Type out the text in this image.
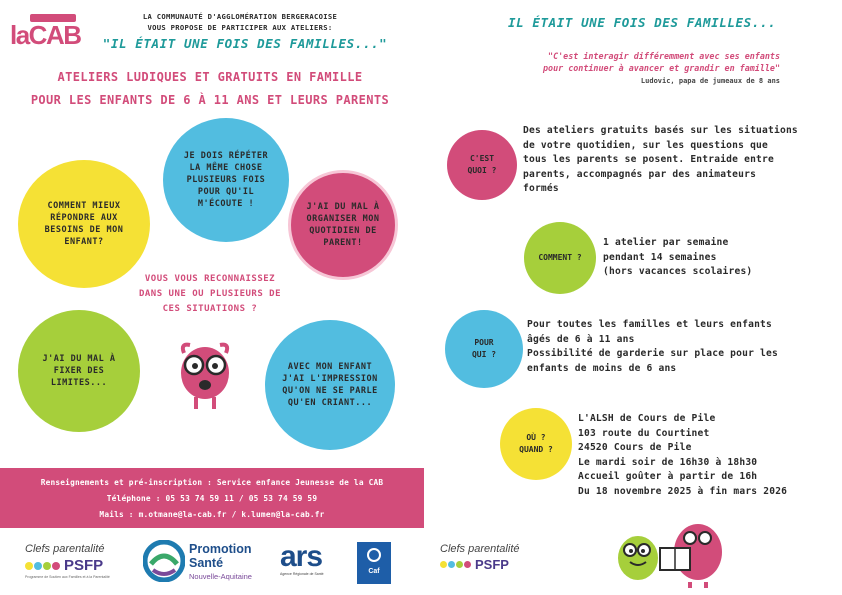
laCAB
LA COMMUNAUTÉ D'AGGLOMÉRATION BERGERACOISE
VOUS PROPOSE DE PARTICIPER AUX ATELIERS:
"IL ÉTAIT UNE FOIS DES FAMILLES..."
ATELIERS LUDIQUES ET GRATUITS EN FAMILLE
POUR LES ENFANTS DE 6 À 11 ANS ET LEURS PARENTS
COMMENT MIEUX
RÉPONDRE AUX
BESOINS DE MON
ENFANT?
JE DOIS RÉPÉTER
LA MÊME CHOSE
PLUSIEURS FOIS
POUR QU'IL
M'ÉCOUTE !	J'AI DU MAL À
ORGANISER MON
QUOTIDIEN DE
PARENT!
J'AI DU MAL À
FIXER DES
LIMITES...
AVEC MON ENFANT
J'AI L'IMPRESSION
QU'ON NE SE PARLE
QU'EN CRIANT...
VOUS VOUS RECONNAISSEZ
DANS UNE OU PLUSIEURS DE
CES SITUATIONS ?
Renseignements et pré-inscription : Service enfance Jeunesse de la CAB
Téléphone : 05 53 74 59 11 / 05 53 74 59 59
Mails : m.otmane@la-cab.fr / k.lumen@la-cab.fr
Clefs parentalité
PSFP
Programme de Soutien aux Familles et à la Parentalité
Promotion
Santé
Nouvelle-Aquitaine
ars
Agence Régionale de Santé	Caf
IL ÉTAIT UNE FOIS DES FAMILLES...
"C'est interagir différemment avec ses enfants
pour continuer à avancer et grandir en famille"
Ludovic, papa de jumeaux de 8 ans
C'EST
QUOI ?
Des ateliers gratuits basés sur les situations
de votre quotidien, sur les questions que
tous les parents se posent. Entraide entre
parents, accompagnés par des animateurs
formés
COMMENT ?
1 atelier par semaine
pendant 14 semaines
(hors vacances scolaires)
POUR
QUI ?
Pour toutes les familles et leurs enfants
âgés de 6 à 11 ans
Possibilité de garderie sur place pour les
enfants de moins de 6 ans
OÙ ?
QUAND ?
L'ALSH de Cours de Pile
103 route du Courtinet
24520 Cours de Pile
Le mardi soir de 16h30 à 18h30
Accueil goûter à partir de 16h
Du 18 novembre 2025 à fin mars 2026
Clefs parentalité
PSFP
